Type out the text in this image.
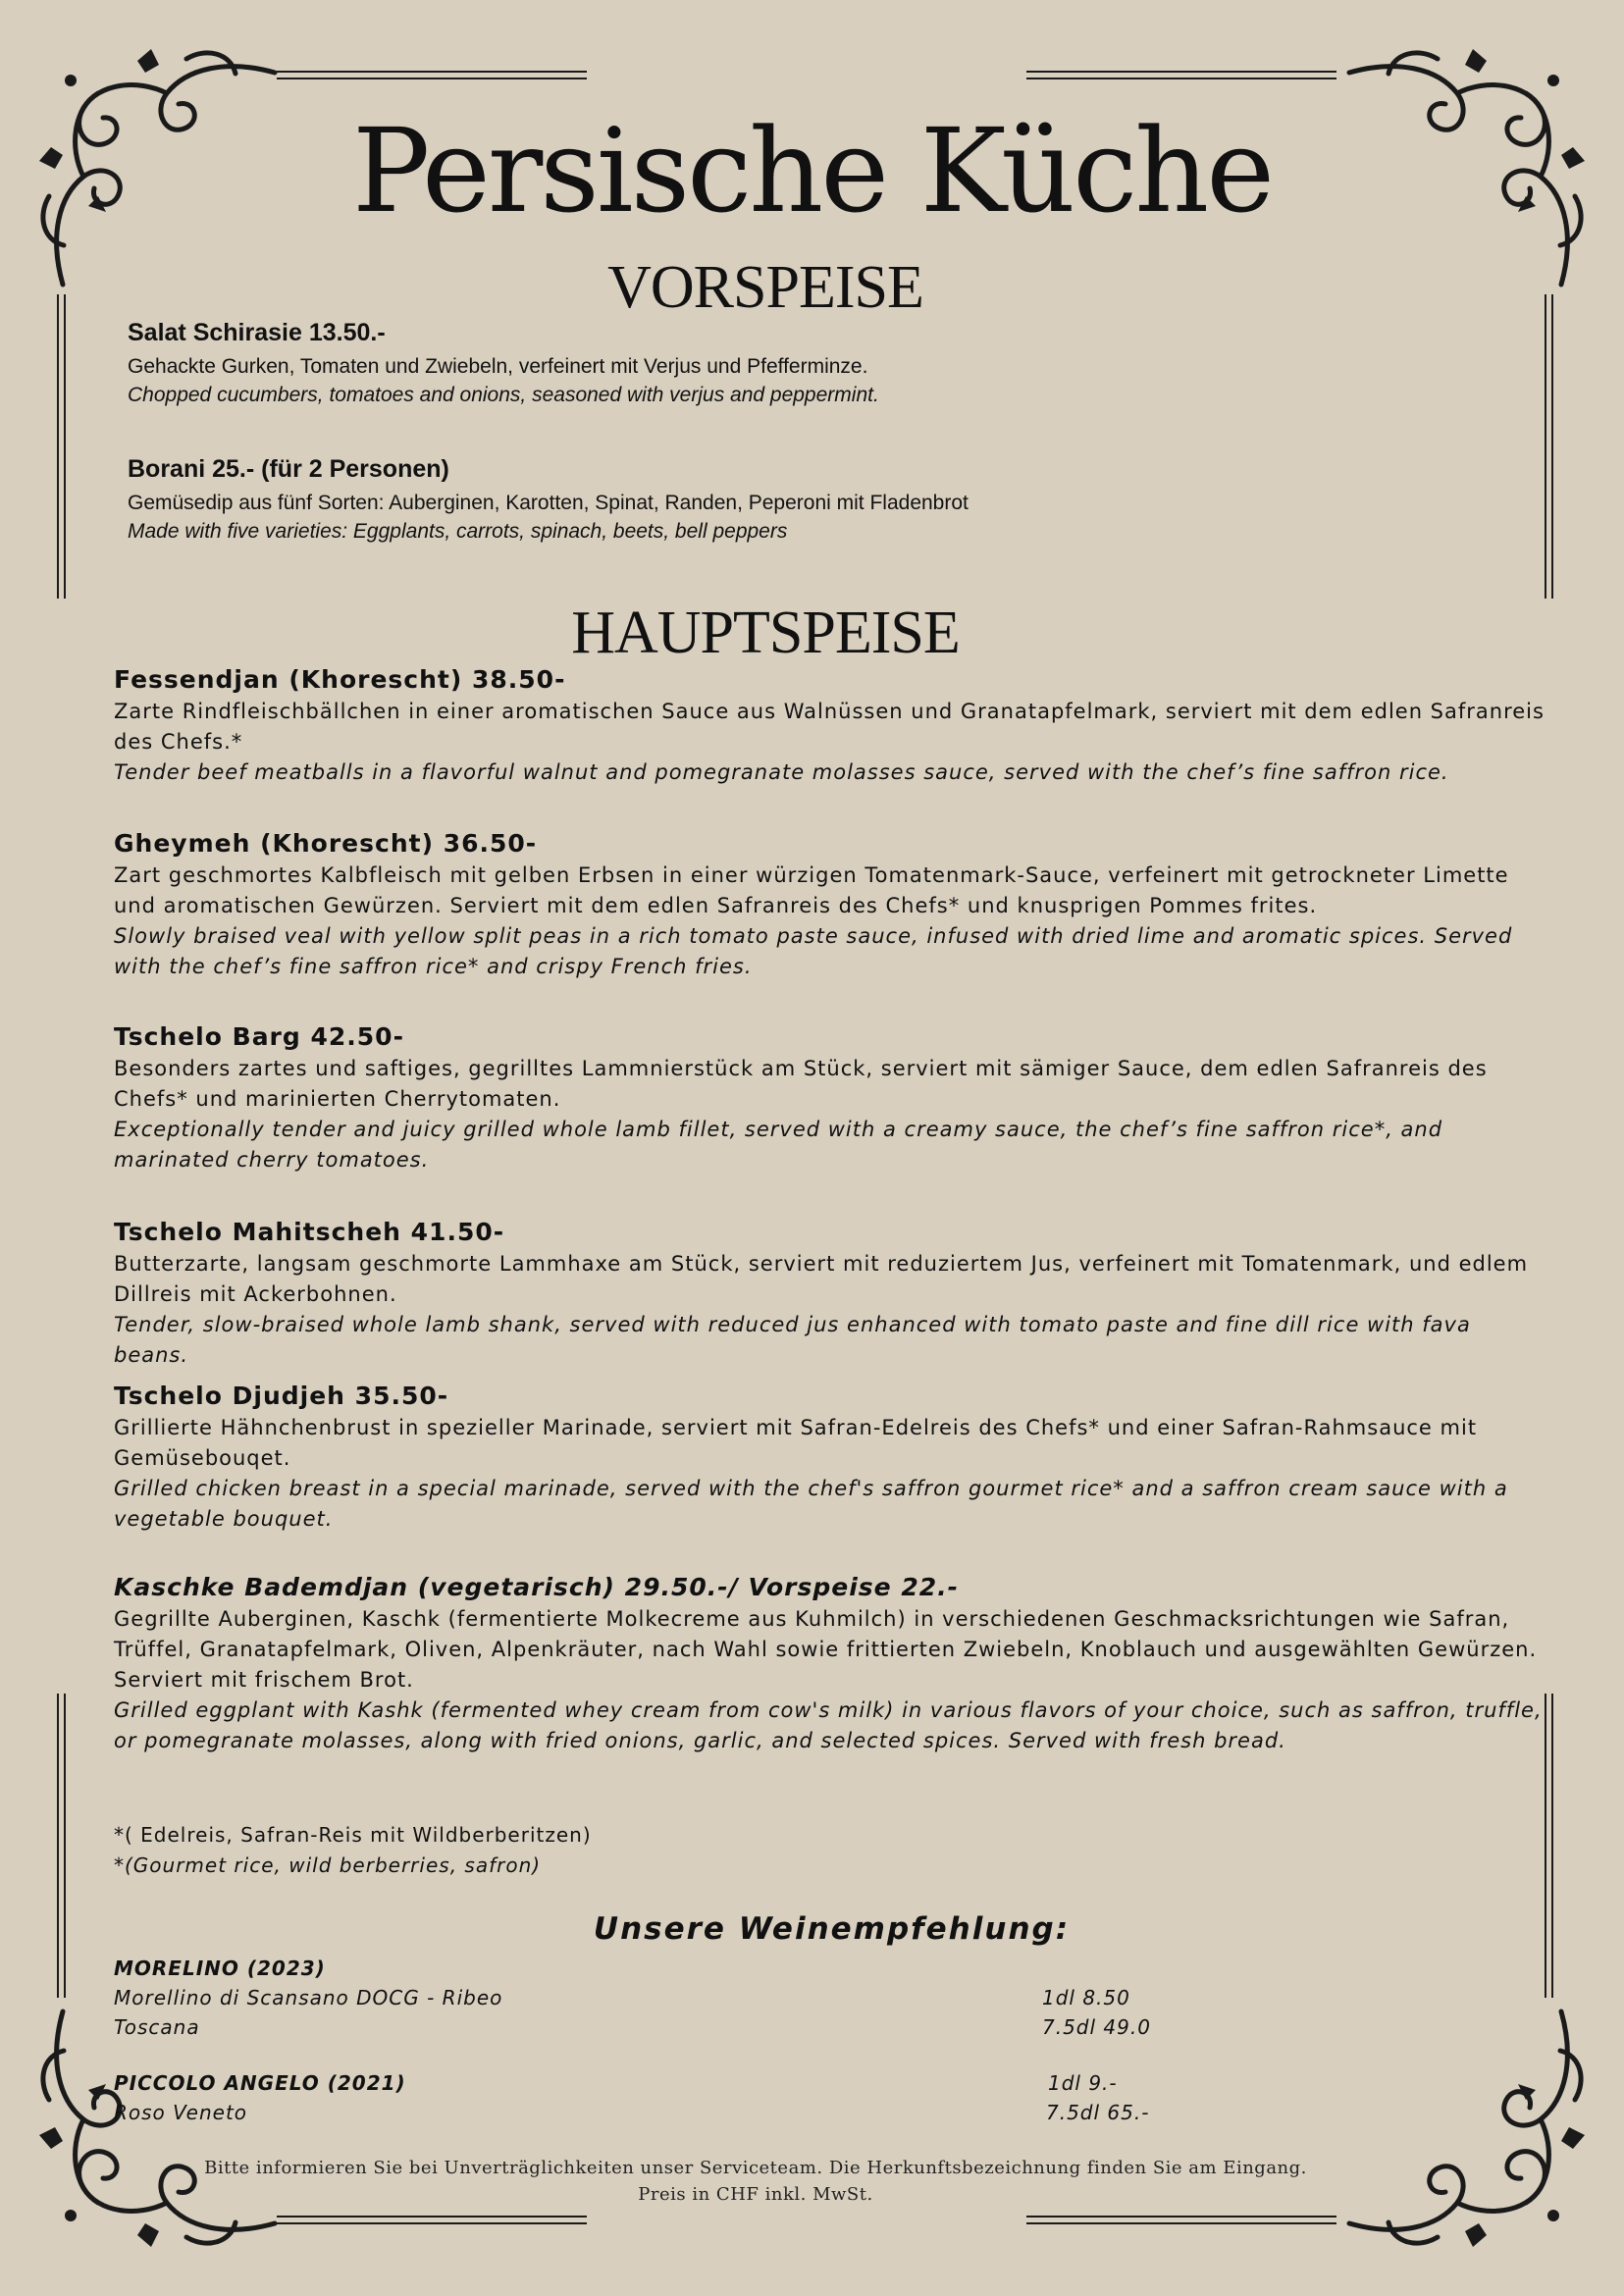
Persische Küche
VORSPEISE

Salat Schirasie 13.50.-

Gehackte Gurken, Tomaten und Zwiebeln, verfeinert mit Verjus und Pfefferminze.

Chopped cucumbers, tomatoes and onions, seasoned with verjus and peppermint.

Borani 25.- (für 2 Personen)

Gemüsedip aus fünf Sorten: Auberginen, Karotten, Spinat, Randen, Peperoni mit Fladenbrot

Made with five varieties: Eggplants, carrots, spinach, beets, bell peppers

HAUPTSPEISE

Fessendjan (Khorescht) 38.50-

Zarte Rindfleischbällchen in einer aromatischen Sauce aus Walnüssen und Granatapfelmark, serviert mit dem edlen Safranreis des Chefs.*

Tender beef meatballs in a flavorful walnut and pomegranate molasses sauce, served with the chef’s fine saffron rice.

Gheymeh (Khorescht) 36.50-

Zart geschmortes Kalbfleisch mit gelben Erbsen in einer würzigen Tomatenmark-Sauce, verfeinert mit getrockneter Limette und aromatischen Gewürzen. Serviert mit dem edlen Safranreis des Chefs* und knusprigen Pommes frites.

Slowly braised veal with yellow split peas in a rich tomato paste sauce, infused with dried lime and aromatic spices. Served with the chef’s fine saffron rice* and crispy French fries.

Tschelo Barg 42.50-

Besonders zartes und saftiges, gegrilltes Lammnierstück am Stück, serviert mit sämiger Sauce, dem edlen Safranreis des Chefs* und marinierten Cherrytomaten.

Exceptionally tender and juicy grilled whole lamb fillet, served with a creamy sauce, the chef’s fine saffron rice*, and marinated cherry tomatoes.

Tschelo Mahitscheh 41.50-

Butterzarte, langsam geschmorte Lammhaxe am Stück, serviert mit reduziertem Jus, verfeinert mit Tomatenmark, und edlem Dillreis mit Ackerbohnen.

Tender, slow-braised whole lamb shank, served with reduced jus enhanced with tomato paste and fine dill rice with fava beans.

Tschelo Djudjeh 35.50-

Grillierte Hähnchenbrust in spezieller Marinade, serviert mit Safran-Edelreis des Chefs* und einer Safran-Rahmsauce mit Gemüsebouqet.

Grilled chicken breast in a special marinade, served with the chef's saffron gourmet rice* and a saffron cream sauce with a vegetable bouquet.

Kaschke Bademdjan (vegetarisch) 29.50.-/ Vorspeise 22.-

Gegrillte Auberginen, Kaschk (fermentierte Molkecreme aus Kuhmilch) in verschiedenen Geschmacksrichtungen wie Safran, Trüffel, Granatapfelmark, Oliven, Alpenkräuter, nach Wahl sowie frittierten Zwiebeln, Knoblauch und ausgewählten Gewürzen. Serviert mit frischem Brot.

Grilled eggplant with Kashk (fermented whey cream from cow's milk) in various flavors of your choice, such as saffron, truffle, or pomegranate molasses, along with fried onions, garlic, and selected spices. Served with fresh bread.

*( Edelreis, Safran-Reis mit Wildberberitzen)
*(Gourmet rice, wild berberries, safron)
Unsere Weinempfehlung:
MORELINO (2023)
Morellino di Scansano DOCG - Ribeo	1dl 8.50
Toscana	7.5dl 49.0
PICCOLO ANGELO (2021)	1dl 9.-
Roso Veneto	7.5dl 65.-
Bitte informieren Sie bei Unverträglichkeiten unser Serviceteam. Die Herkunftsbezeichnung finden Sie am Eingang.
Preis in CHF inkl. MwSt.
